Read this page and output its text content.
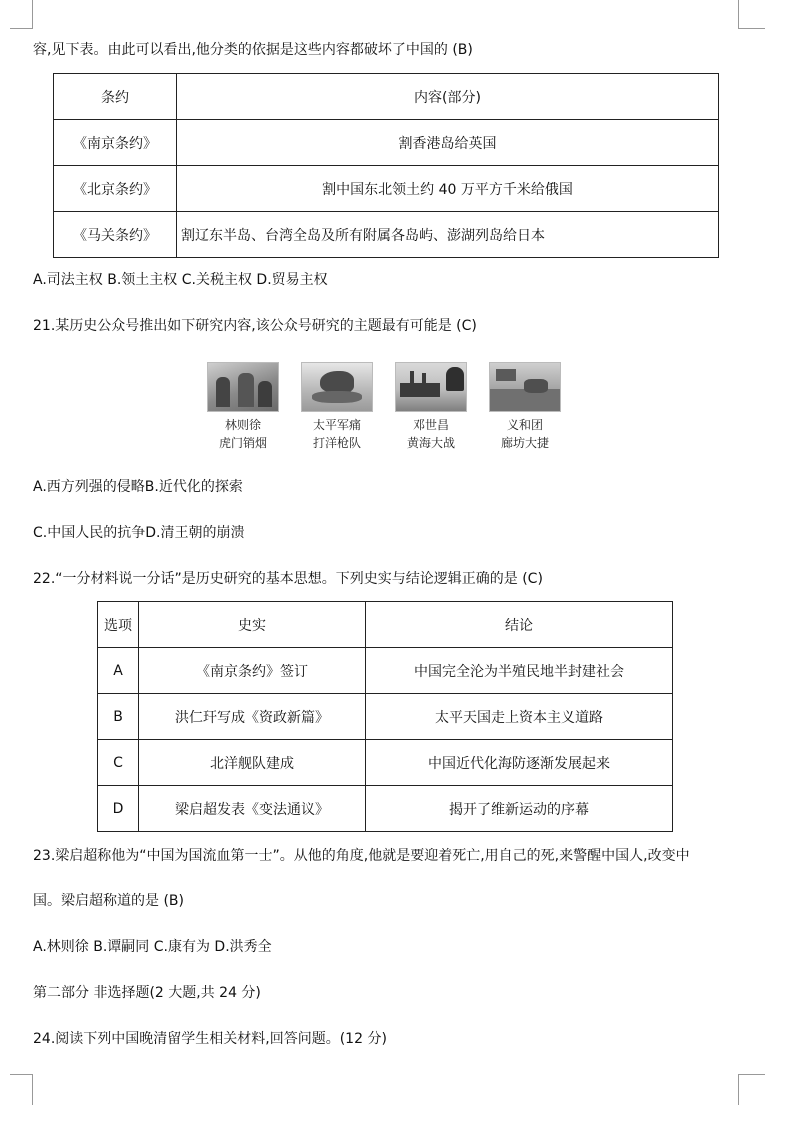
容,见下表。由此可以看出,他分类的依据是这些内容都破坏了中国的 (B)
条约	内容(部分)
《南京条约》	割香港岛给英国
《北京条约》	割中国东北领土约 40 万平方千米给俄国
《马关条约》	割辽东半岛、台湾全岛及所有附属各岛屿、澎湖列岛给日本
A.司法主权 B.领土主权 C.关税主权 D.贸易主权
21.某历史公众号推出如下研究内容,该公众号研究的主题最有可能是 (C)
林则徐
虎门销烟
太平军痛
打洋枪队
邓世昌
黄海大战
义和团
廊坊大捷
A.西方列强的侵略B.近代化的探索
C.中国人民的抗争D.清王朝的崩溃
22.“一分材料说一分话”是历史研究的基本思想。下列史实与结论逻辑正确的是 (C)
选项	史实	结论
A	《南京条约》签订	中国完全沦为半殖民地半封建社会
B	洪仁玕写成《资政新篇》	太平天国走上资本主义道路
C	北洋舰队建成	中国近代化海防逐渐发展起来
D	梁启超发表《变法通议》	揭开了维新运动的序幕
23.梁启超称他为“中国为国流血第一士”。从他的角度,他就是要迎着死亡,用自己的死,来警醒中国人,改变中
国。梁启超称道的是 (B)
A.林则徐 B.谭嗣同 C.康有为 D.洪秀全
第二部分 非选择题(2 大题,共 24 分)
24.阅读下列中国晚清留学生相关材料,回答问题。(12 分)
